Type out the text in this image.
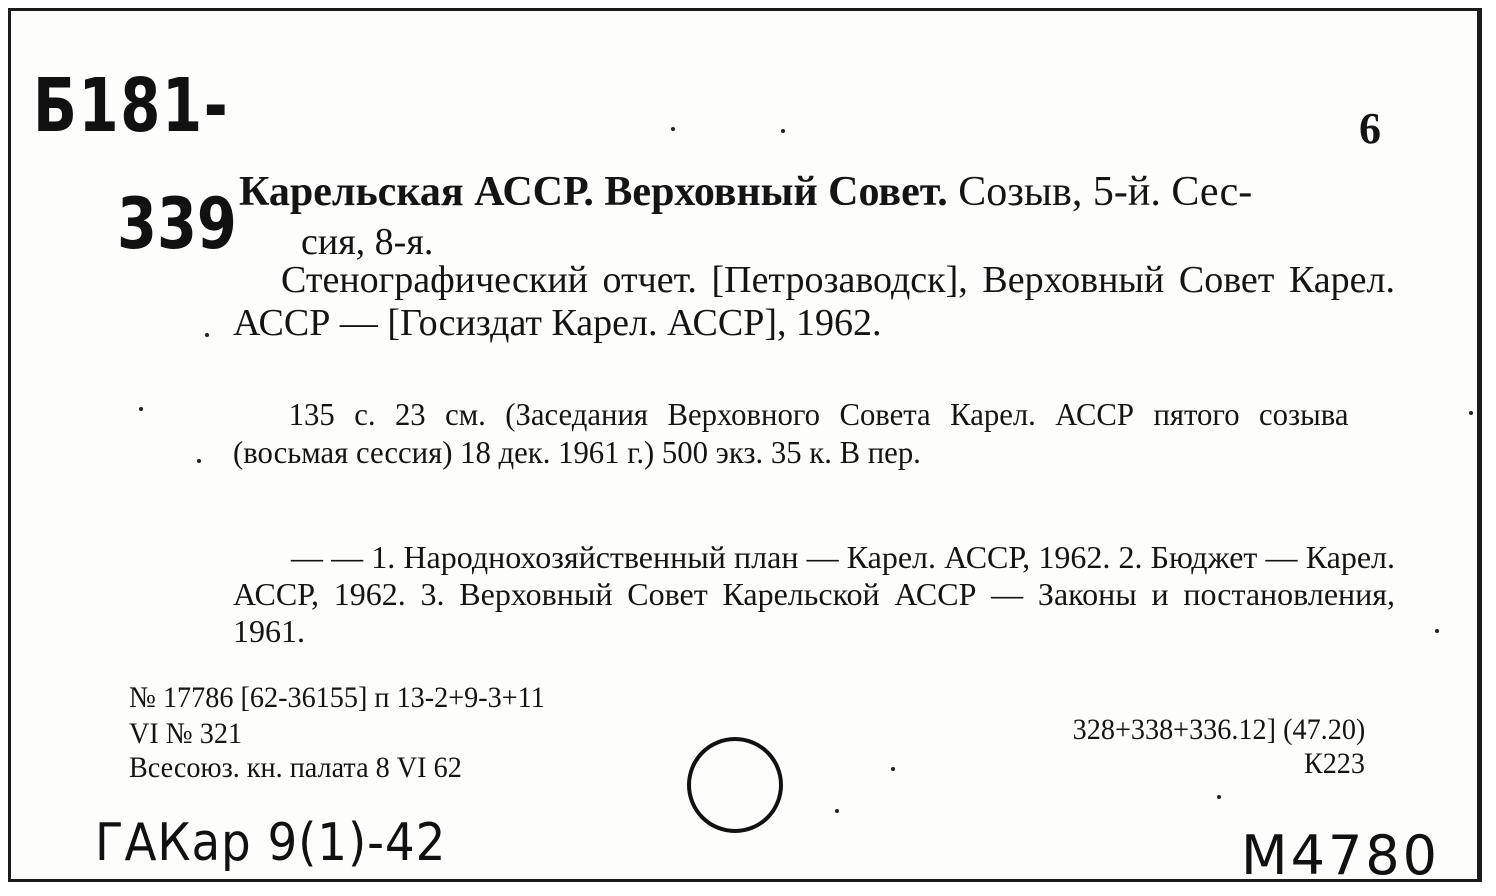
Б181-
339
6
Карельская АССР. Верховный Совет. Созыв, 5-й. Сес-
сия, 8-я.
Стенографический отчет. [Петрозаводск], Верховный Совет Карел. АССР — [Госиздат Карел. АССР], 1962.
135 с. 23 см. (Заседания Верховного Совета Карел. АССР пятого созыва (восьмая сессия) 18 дек. 1961 г.) 500 экз. 35 к. В пер.
— — 1. Народнохозяйственный план — Карел. АССР, 1962. 2. Бюджет — Карел. АССР, 1962. 3. Верховный Совет Карельской АССР — Законы и постановления, 1961.
№ 17786 [62-36155] п 13-2+9-3+11
VI № 321
Всесоюз. кн. палата 8 VI 62
328+338+336.12] (47.20)
К223
ГАКар 9(1)-42	М4780
